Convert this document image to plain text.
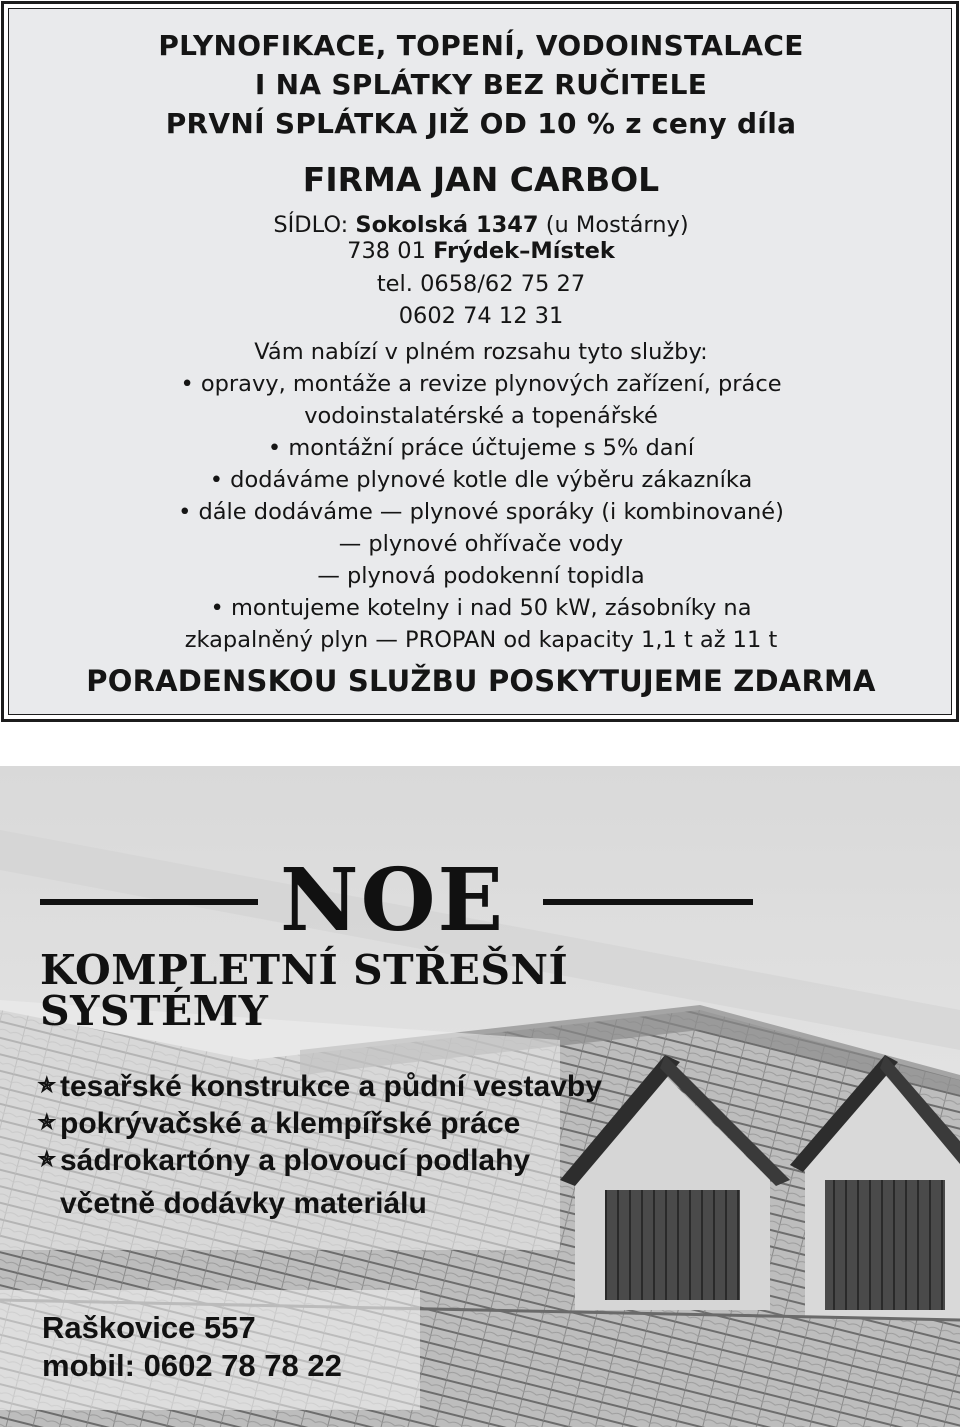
PLYNOFIKACE, TOPENÍ, VODOINSTALACE
I NA SPLÁTKY BEZ RUČITELE
PRVNÍ SPLÁTKA JIŽ OD 10 % z ceny díla
FIRMA JAN CARBOL
SÍDLO: Sokolská 1347 (u Mostárny)
738 01 Frýdek–Místek
tel. 0658/62 75 27
0602 74 12 31
Vám nabízí v plném rozsahu tyto služby:
• opravy, montáže a revize plynových zařízení, práce
vodoinstalatérské a topenářské
• montážní práce účtujeme s 5% daní
• dodáváme plynové kotle dle výběru zákazníka
• dále dodáváme — plynové sporáky (i kombinované)
— plynové ohřívače vody
— plynová podokenní topidla
• montujeme kotelny i nad 50 kW, zásobníky na
zkapalněný plyn — PROPAN od kapacity 1,1 t až 11 t
PORADENSKOU SLUŽBU POSKYTUJEME ZDARMA
NOE
KOMPLETNÍ STŘEŠNÍ SYSTÉMY
✯ tesařské konstrukce a půdní vestavby
✯ pokrývačské a klempířské práce
✯ sádrokartóny a plovoucí podlahy
včetně dodávky materiálu
Raškovice 557
mobil: 0602 78 78 22
